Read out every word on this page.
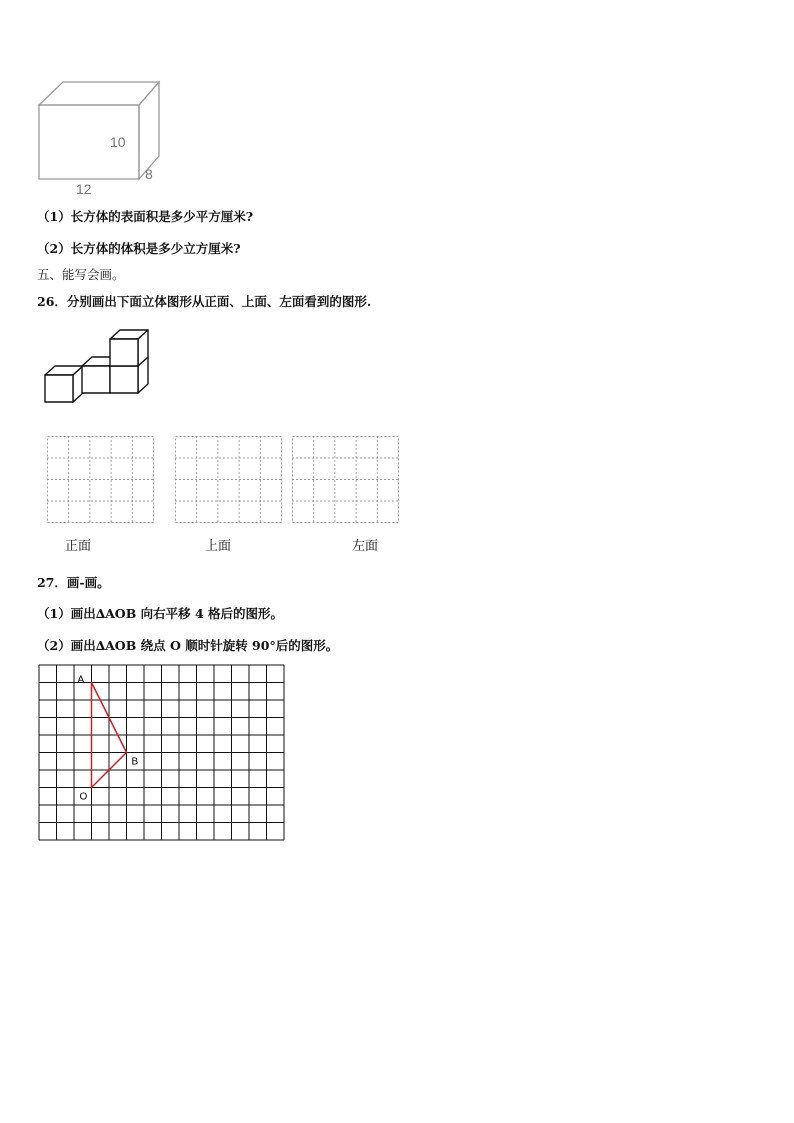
10
8
12
（1）长方体的表面积是多少平方厘米?
（2）长方体的体积是多少立方厘米?
五、能写会画。
26．分别画出下面立体图形从正面、上面、左面看到的图形.
正面	上面	左面
27．画-画。
（1）画出∆AOB 向右平移 4 格后的图形。
（2）画出∆AOB 绕点 O 顺时针旋转 90°后的图形。
A
O
B
